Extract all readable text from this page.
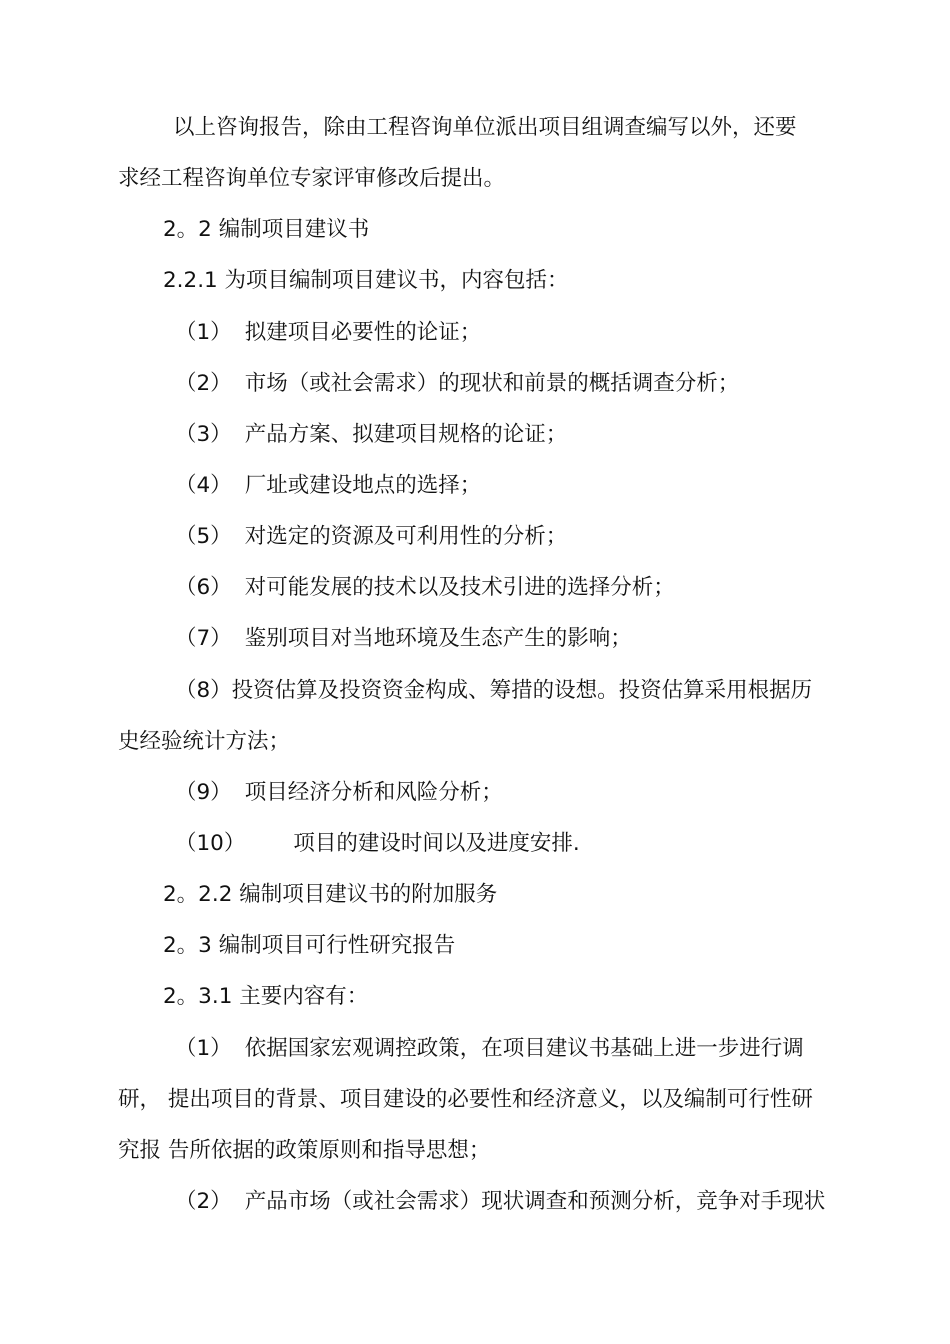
以上咨询报告，除由工程咨询单位派出项目组调查编写以外，还要
求经工程咨询单位专家评审修改后提出。
2。2 编制项目建议书
2.2.1 为项目编制项目建议书，内容包括：
（1） 拟建项目必要性的论证；
（2） 市场（或社会需求）的现状和前景的概括调查分析；
（3） 产品方案、拟建项目规格的论证；
（4） 厂址或建设地点的选择；
（5） 对选定的资源及可利用性的分析；
（6） 对可能发展的技术以及技术引进的选择分析；
（7） 鉴别项目对当地环境及生态产生的影响；
（8）投资估算及投资资金构成、筹措的设想。投资估算采用根据历
史经验统计方法；
（9） 项目经济分析和风险分析；
（10） 项目的建设时间以及进度安排.
2。2.2 编制项目建议书的附加服务
2。3 编制项目可行性研究报告
2。3.1 主要内容有：
（1） 依据国家宏观调控政策，在项目建议书基础上进一步进行调
研， 提出项目的背景、项目建设的必要性和经济意义，以及编制可行性研
究报 告所依据的政策原则和指导思想；
（2） 产品市场（或社会需求）现状调查和预测分析，竞争对手现状
